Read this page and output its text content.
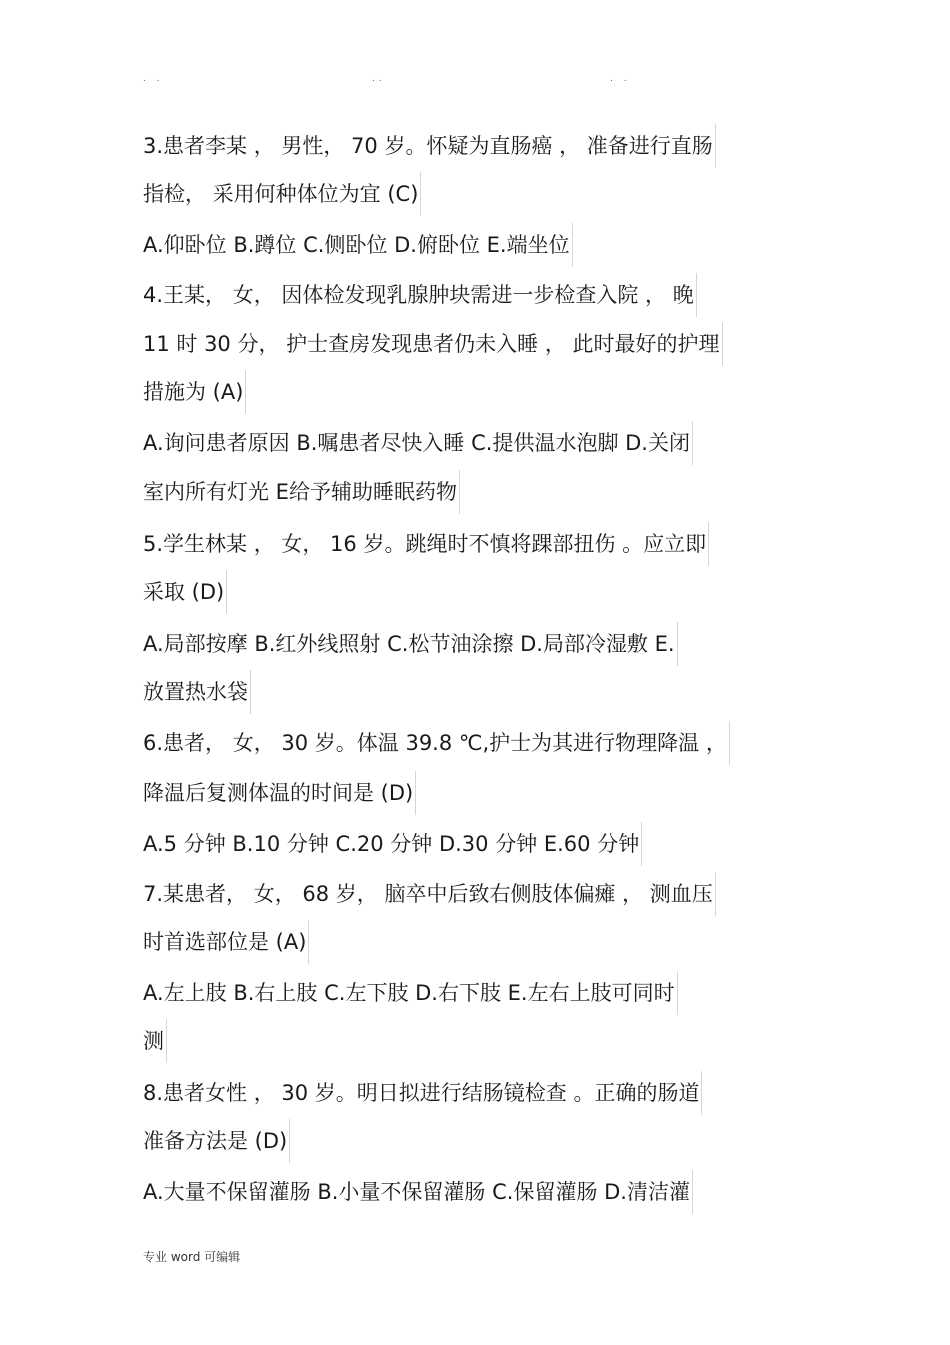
. .	..	. .
3.患者李某 ， 男性， 70 岁。怀疑为直肠癌 ， 准备进行直肠
指检， 采用何种体位为宜 (C)
A.仰卧位 B.蹲位 C.侧卧位 D.俯卧位 E.端坐位
4.王某， 女， 因体检发现乳腺肿块需进一步检查入院 ， 晚
11 时 30 分， 护士查房发现患者仍未入睡 ， 此时最好的护理
措施为 (A)
A.询问患者原因 B.嘱患者尽快入睡 C.提供温水泡脚 D.关闭
室内所有灯光 E给予辅助睡眠药物
5.学生林某 ， 女， 16 岁。跳绳时不慎将踝部扭伤 。应立即
采取 (D)
A.局部按摩 B.红外线照射 C.松节油涂擦 D.局部冷湿敷 E.
放置热水袋
6.患者， 女， 30 岁。体温 39.8 ℃,护士为其进行物理降温 ，
降温后复测体温的时间是 (D)
A.5 分钟 B.10 分钟 C.20 分钟 D.30 分钟 E.60 分钟
7.某患者， 女， 68 岁， 脑卒中后致右侧肢体偏瘫 ， 测血压
时首选部位是 (A)
A.左上肢 B.右上肢 C.左下肢 D.右下肢 E.左右上肢可同时
测
8.患者女性 ， 30 岁。明日拟进行结肠镜检查 。正确的肠道
准备方法是 (D)
A.大量不保留灌肠 B.小量不保留灌肠 C.保留灌肠 D.清洁灌
专业 word 可编辑
